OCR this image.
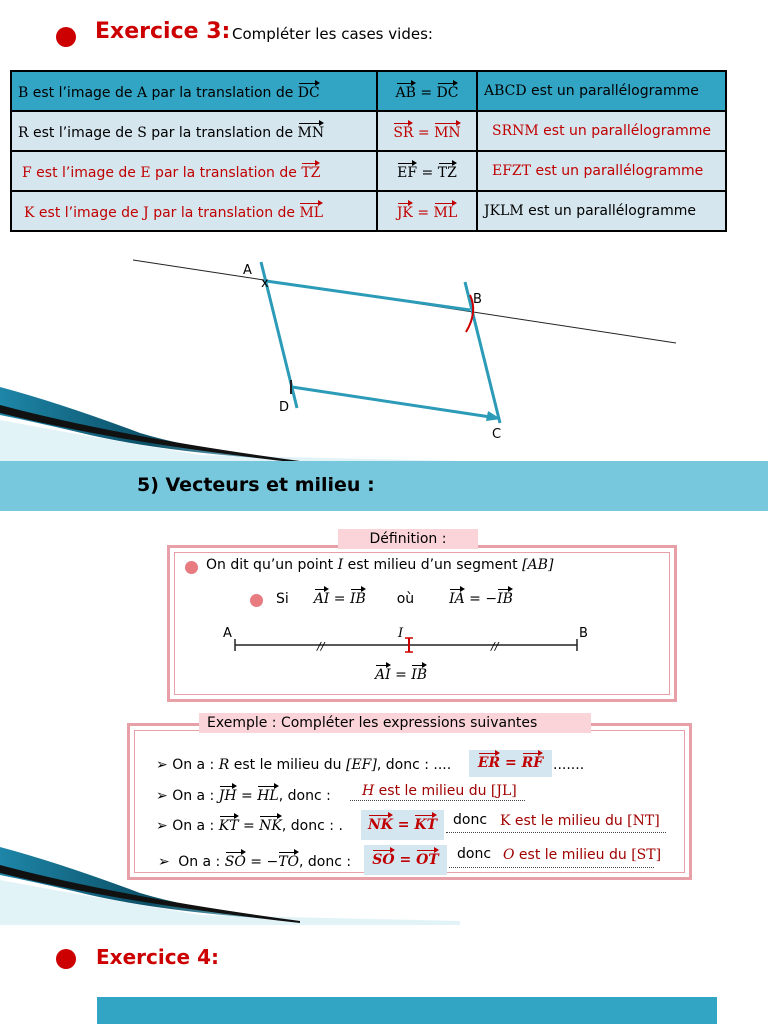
Exercice 3: Compléter les cases vides:
B est l’image de A par la translation de DC	AB = DC	ABCD est un parallélogramme
R est l’image de S par la translation de MN	SR = MN	SRNM est un parallélogramme
F est l’image de E par la translation de TZ	EF = TZ	EFZT est un parallélogramme
K est l’image de J par la translation de ML	JK = ML	JKLM est un parallélogramme
x
A
B
D
C
5) Vecteurs et milieu :
Définition :
On dit qu’un point I est milieu d’un segment [AB]
Si AI = IB où IA = −IB
A	I	B
//	//
AI = IB
Exemple : Compléter les expressions suivantes
➢ On a : R est le milieu du [EF], donc : ....	ER = RF .......
➢ On a : JH = HL, donc : H est le milieu du [JL]
➢ On a : KT = NK, donc : .	NK = KT	donc K est le milieu du [NT]
➢ On a : SO = −TO, donc :	SO = OT	donc O est le milieu du [ST]
Exercice 4:
